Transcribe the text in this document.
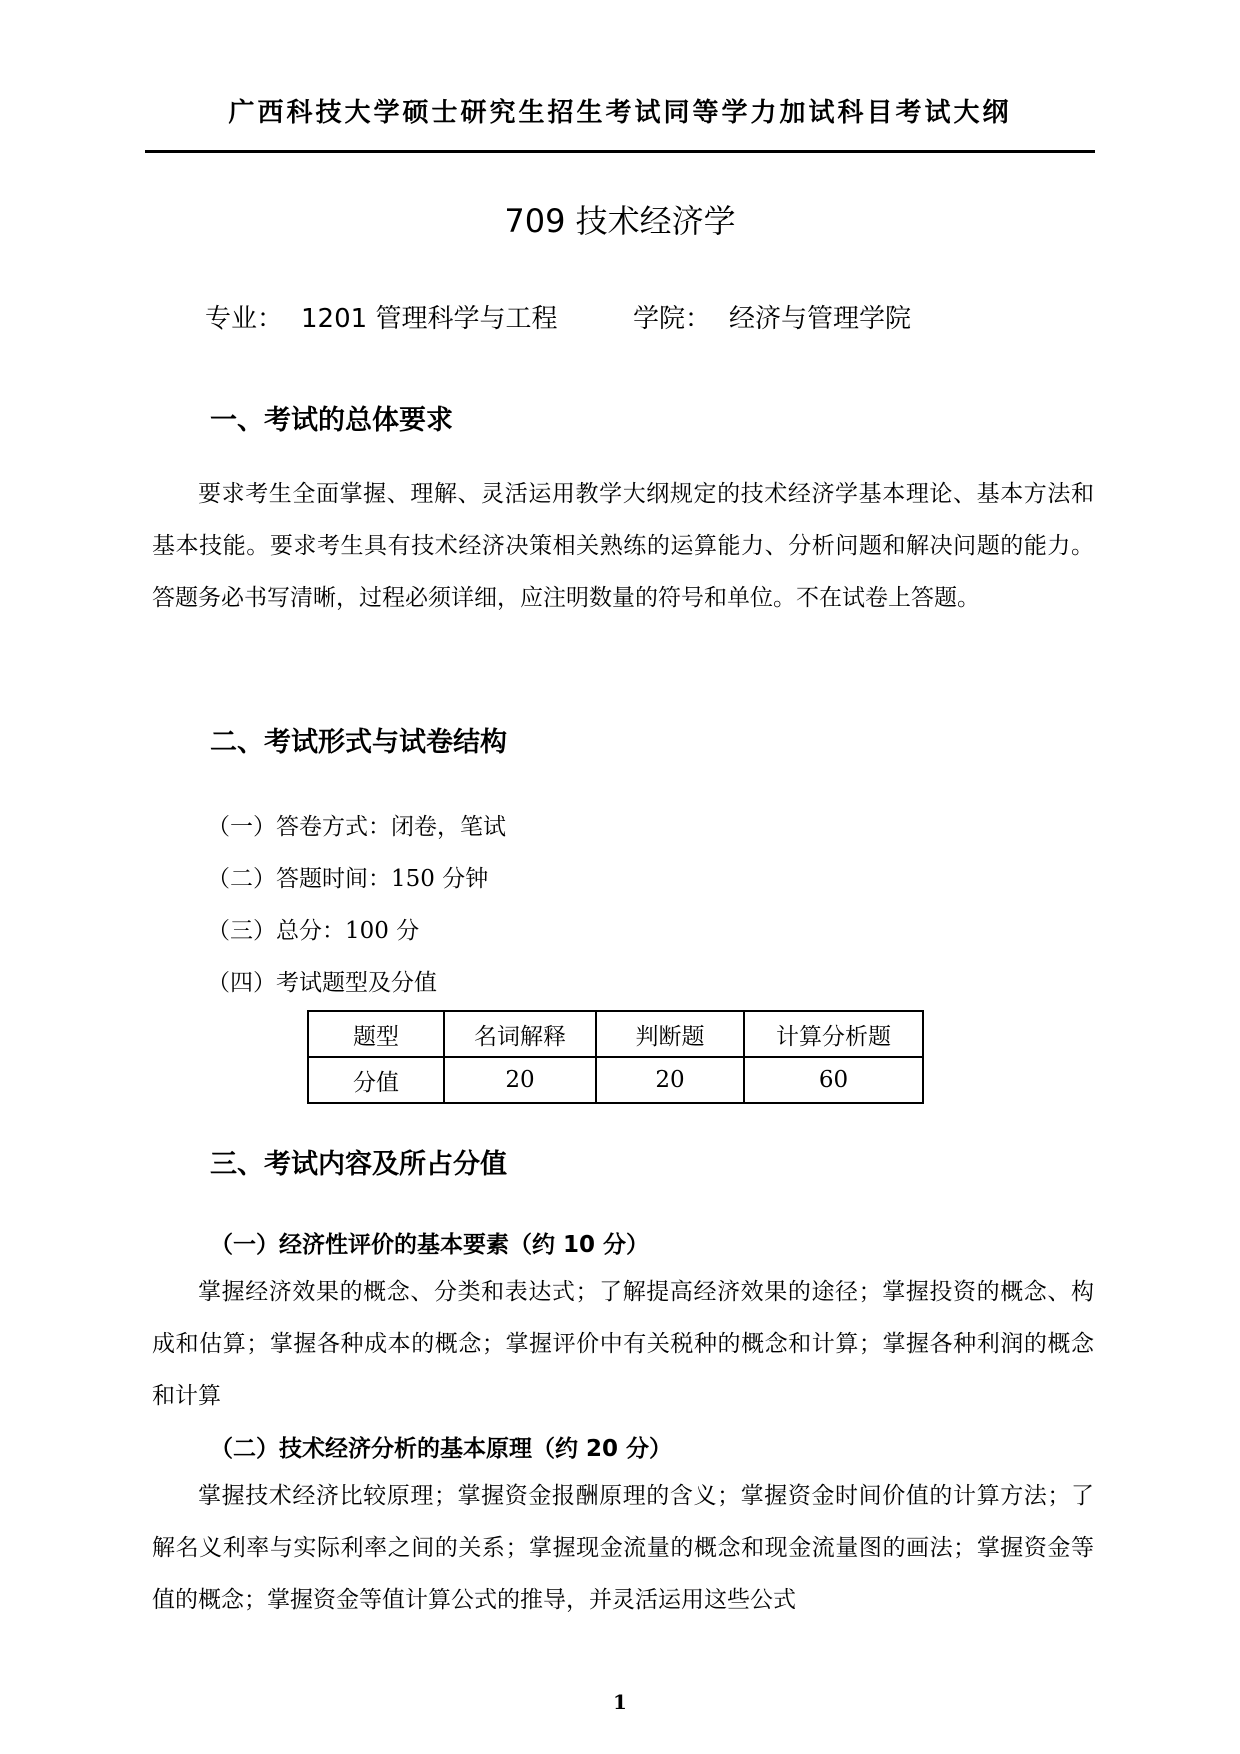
广西科技大学硕士研究生招生考试同等学力加试科目考试大纲
709 技术经济学
专业： 1201 管理科学与工程	学院： 经济与管理学院
一、考试的总体要求
要求考生全面掌握、理解、灵活运用教学大纲规定的技术经济学基本理论、基本方法和基本技能。要求考生具有技术经济决策相关熟练的运算能力、分析问题和解决问题的能力。答题务必书写清晰，过程必须详细，应注明数量的符号和单位。不在试卷上答题。
二、考试形式与试卷结构
（一）答卷方式：闭卷，笔试
（二）答题时间：150 分钟
（三）总分：100 分
（四）考试题型及分值
题型	名词解释	判断题	计算分析题
分值	20	20	60
三、考试内容及所占分值
（一）经济性评价的基本要素（约 10 分）
掌握经济效果的概念、分类和表达式；了解提高经济效果的途径；掌握投资的概念、构成和估算；掌握各种成本的概念；掌握评价中有关税种的概念和计算；掌握各种利润的概念和计算
（二）技术经济分析的基本原理（约 20 分）
掌握技术经济比较原理；掌握资金报酬原理的含义；掌握资金时间价值的计算方法；了解名义利率与实际利率之间的关系；掌握现金流量的概念和现金流量图的画法；掌握资金等值的概念；掌握资金等值计算公式的推导，并灵活运用这些公式
1
